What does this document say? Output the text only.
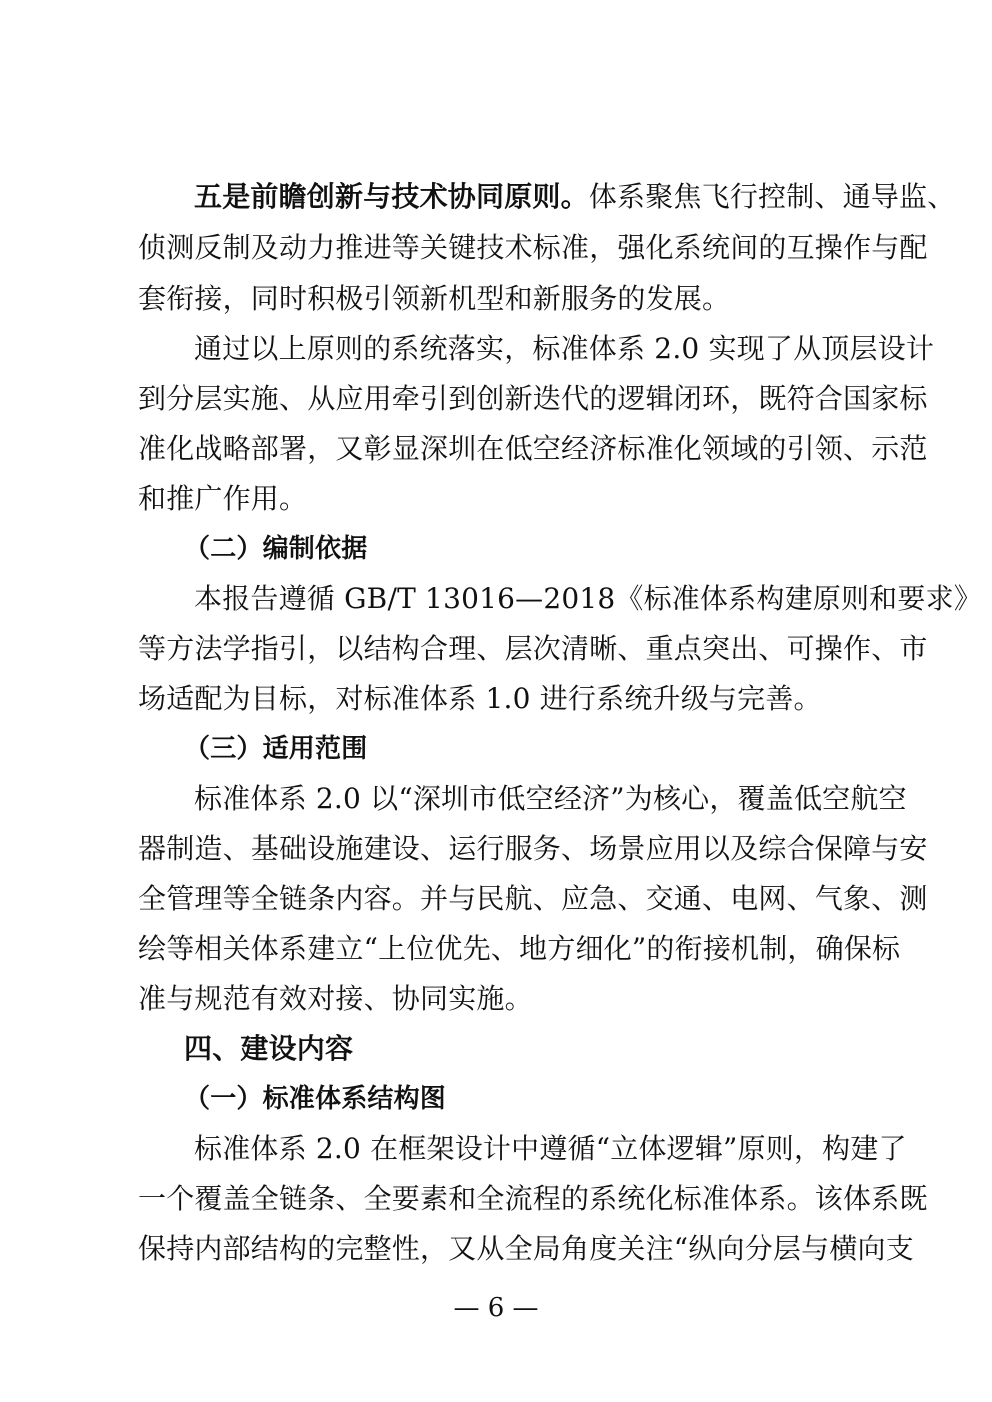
五是前瞻创新与技术协同原则。体系聚焦飞行控制、通导监、
侦测反制及动力推进等关键技术标准，强化系统间的互操作与配
套衔接，同时积极引领新机型和新服务的发展。
通过以上原则的系统落实，标准体系 2.0 实现了从顶层设计
到分层实施、从应用牵引到创新迭代的逻辑闭环，既符合国家标
准化战略部署，又彰显深圳在低空经济标准化领域的引领、示范
和推广作用。
（二）编制依据
本报告遵循 GB/T 13016—2018《标准体系构建原则和要求》
等方法学指引，以结构合理、层次清晰、重点突出、可操作、市
场适配为目标，对标准体系 1.0 进行系统升级与完善。
（三）适用范围
标准体系 2.0 以“深圳市低空经济”为核心，覆盖低空航空
器制造、基础设施建设、运行服务、场景应用以及综合保障与安
全管理等全链条内容。并与民航、应急、交通、电网、气象、测
绘等相关体系建立“上位优先、地方细化”的衔接机制，确保标
准与规范有效对接、协同实施。
四、建设内容
（一）标准体系结构图
标准体系 2.0 在框架设计中遵循“立体逻辑”原则，构建了
一个覆盖全链条、全要素和全流程的系统化标准体系。该体系既
保持内部结构的完整性，又从全局角度关注“纵向分层与横向支
— 6 —
